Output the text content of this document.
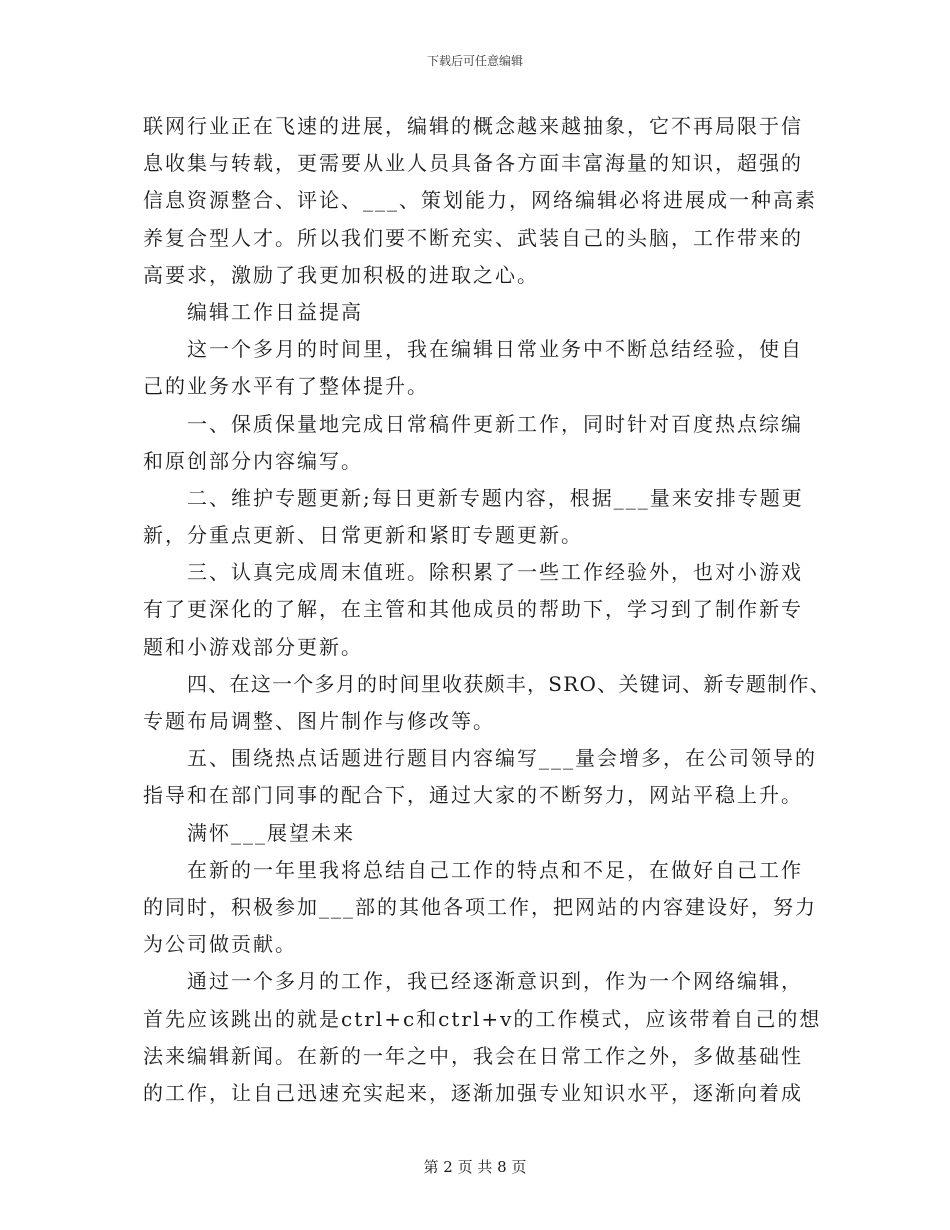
下载后可任意编辑
联网行业正在飞速的进展，编辑的概念越来越抽象，它不再局限于信
息收集与转载，更需要从业人员具备各方面丰富海量的知识，超强的
信息资源整合、评论、___、策划能力，网络编辑必将进展成一种高素
养复合型人才。所以我们要不断充实、武装自己的头脑，工作带来的
高要求，激励了我更加积极的进取之心。
编辑工作日益提高
这一个多月的时间里，我在编辑日常业务中不断总结经验，使自
己的业务水平有了整体提升。
一、保质保量地完成日常稿件更新工作，同时针对百度热点综编
和原创部分内容编写。
二、维护专题更新;每日更新专题内容，根据___量来安排专题更
新，分重点更新、日常更新和紧盯专题更新。
三、认真完成周末值班。除积累了一些工作经验外，也对小游戏
有了更深化的了解，在主管和其他成员的帮助下，学习到了制作新专
题和小游戏部分更新。
四、在这一个多月的时间里收获颇丰，SRO、关键词、新专题制作、
专题布局调整、图片制作与修改等。
五、围绕热点话题进行题目内容编写___量会增多，在公司领导的
指导和在部门同事的配合下，通过大家的不断努力，网站平稳上升。
满怀___展望未来
在新的一年里我将总结自己工作的特点和不足，在做好自己工作
的同时，积极参加___部的其他各项工作，把网站的内容建设好，努力
为公司做贡献。
通过一个多月的工作，我已经逐渐意识到，作为一个网络编辑，
首先应该跳出的就是ctrl+c和ctrl+v的工作模式，应该带着自己的想
法来编辑新闻。在新的一年之中，我会在日常工作之外，多做基础性
的工作，让自己迅速充实起来，逐渐加强专业知识水平，逐渐向着成
第 2 页 共 8 页
